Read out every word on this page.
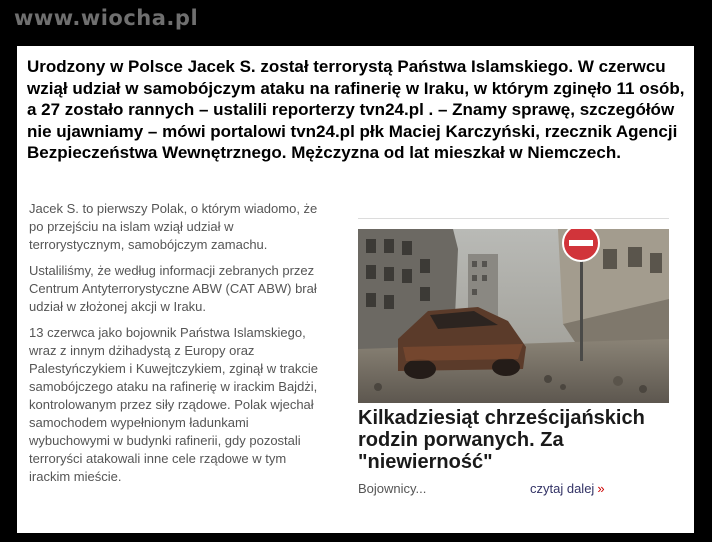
www.wiocha.pl
Urodzony w Polsce Jacek S. został terrorystą Państwa Islamskiego. W czerwcu wziął udział w samobójczym ataku na rafinerię w Iraku, w którym zginęło 11 osób, a 27 zostało rannych – ustalili reporterzy tvn24.pl . – Znamy sprawę, szczegółów nie ujawniamy – mówi portalowi tvn24.pl płk Maciej Karczyński, rzecznik Agencji Bezpieczeństwa Wewnętrznego. Mężczyzna od lat mieszkał w Niemczech.

Jacek S. to pierwszy Polak, o którym wiadomo, że po przejściu na islam wziął udział w terrorystycznym, samobójczym zamachu.

Ustaliliśmy, że według informacji zebranych przez Centrum Antyterrorystyczne ABW (CAT ABW) brał udział w złożonej akcji w Iraku.

13 czerwca jako bojownik Państwa Islamskiego, wraz z innym dżihadystą z Europy oraz Palestyńczykiem i Kuwejtczykiem, zginął w trakcie samobójczego ataku na rafinerię w irackim Bajdżi, kontrolowanym przez siły rządowe. Polak wjechał samochodem wypełnionym ładunkami wybuchowymi w budynki rafinerii, gdy pozostali terroryści atakowali inne cele rządowe w tym irackim mieście.

Kilkadziesiąt chrześcijańskich rodzin porwanych. Za "niewierność"
Bojownicy...	czytaj dalej »
